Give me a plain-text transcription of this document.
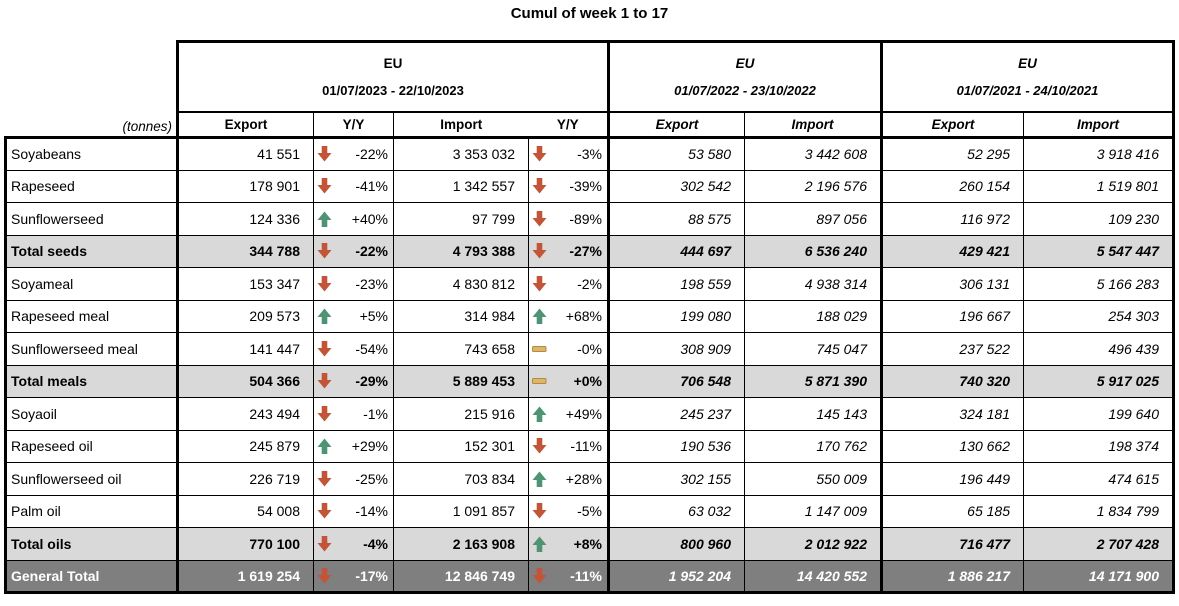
Cumul of week 1 to 17

EU
01/07/2023 - 22/10/2023

EU
01/07/2022 - 23/10/2022

EU
01/07/2021 - 24/10/2021

(tonnes)	Export	Y/Y	Import	Y/Y	Export	Import	Export	Import
Soyabeans	41 551	-22%	3 353 032	-3%	53 580	3 442 608	52 295	3 918 416
Rapeseed	178 901	-41%	1 342 557	-39%	302 542	2 196 576	260 154	1 519 801
Sunflowerseed	124 336	+40%	97 799	-89%	88 575	897 056	116 972	109 230
Total seeds	344 788	-22%	4 793 388	-27%	444 697	6 536 240	429 421	5 547 447
Soyameal	153 347	-23%	4 830 812	-2%	198 559	4 938 314	306 131	5 166 283
Rapeseed meal	209 573	+5%	314 984	+68%	199 080	188 029	196 667	254 303
Sunflowerseed meal	141 447	-54%	743 658	-0%	308 909	745 047	237 522	496 439
Total meals	504 366	-29%	5 889 453	+0%	706 548	5 871 390	740 320	5 917 025
Soyaoil	243 494	-1%	215 916	+49%	245 237	145 143	324 181	199 640
Rapeseed oil	245 879	+29%	152 301	-11%	190 536	170 762	130 662	198 374
Sunflowerseed oil	226 719	-25%	703 834	+28%	302 155	550 009	196 449	474 615
Palm oil	54 008	-14%	1 091 857	-5%	63 032	1 147 009	65 185	1 834 799
Total oils	770 100	-4%	2 163 908	+8%	800 960	2 012 922	716 477	2 707 428
General Total	1 619 254	-17%	12 846 749	-11%	1 952 204	14 420 552	1 886 217	14 171 900
